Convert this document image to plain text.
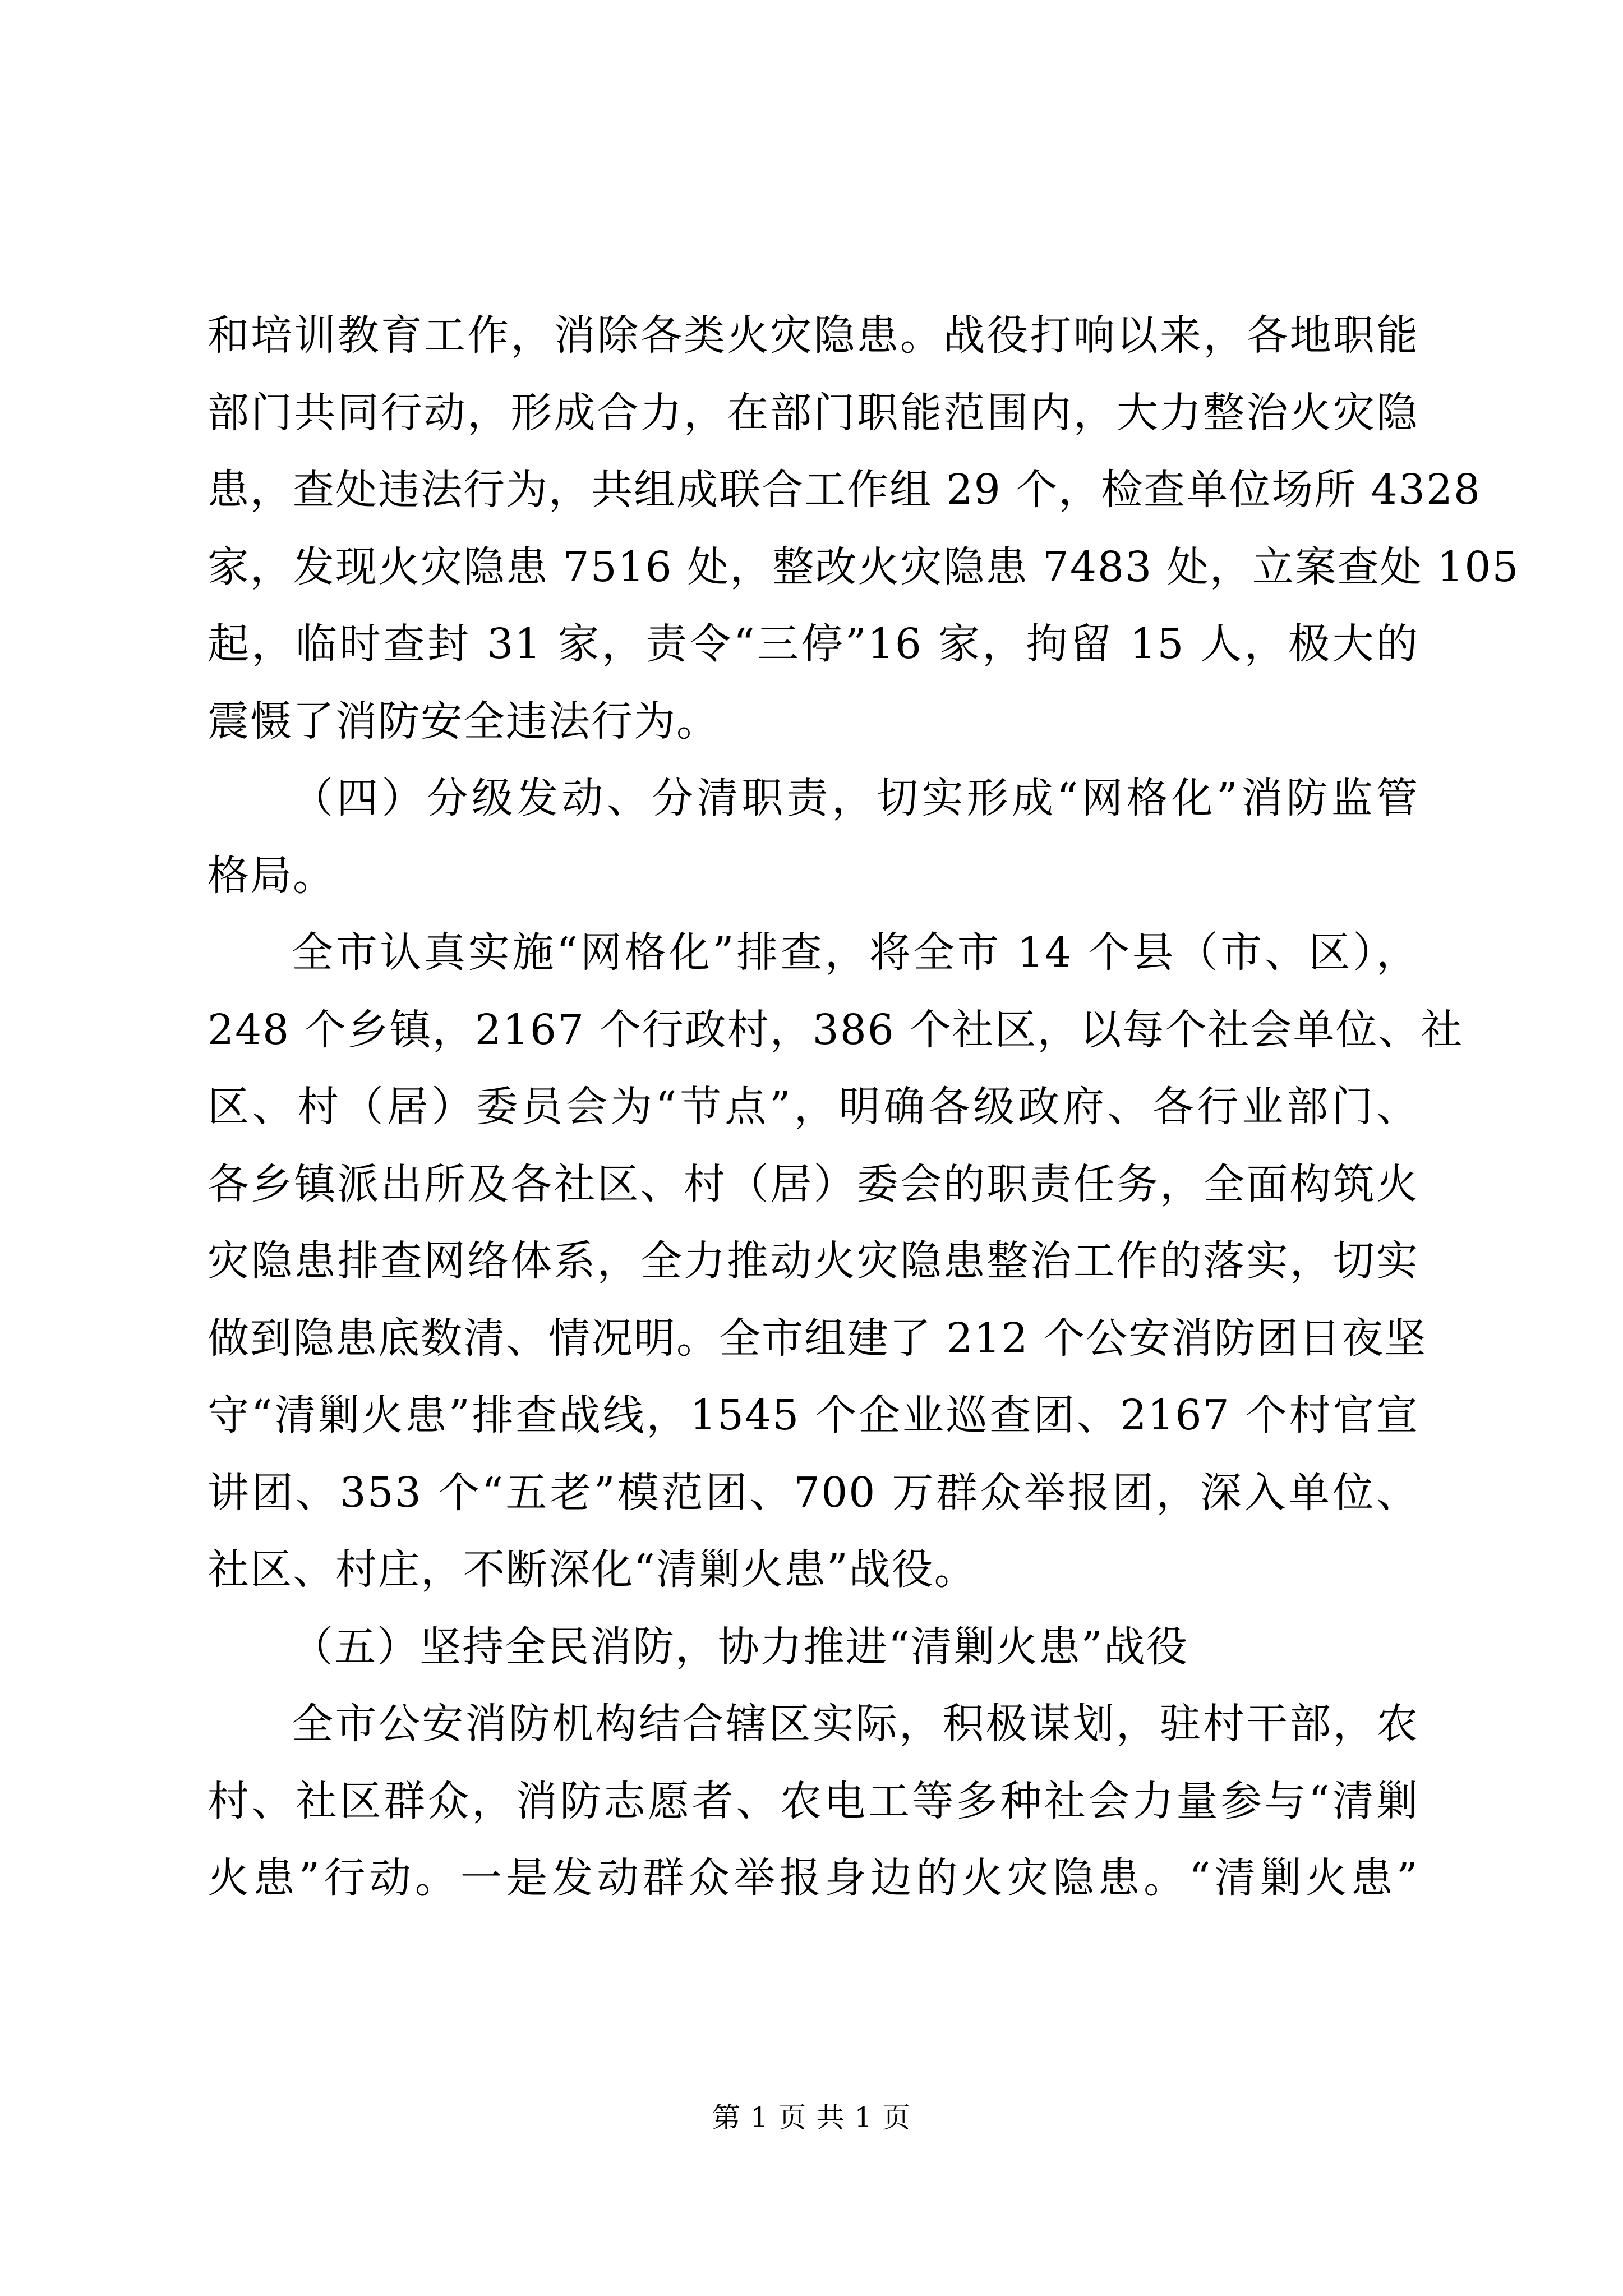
和培训教育工作，消除各类火灾隐患。战役打响以来，各地职能
部门共同行动，形成合力，在部门职能范围内，大力整治火灾隐
患，查处违法行为，共组成联合工作组 29 个，检查单位场所 4328
家，发现火灾隐患 7516 处，整改火灾隐患 7483 处，立案查处 105
起，临时查封 31 家，责令“三停”16 家，拘留 15 人，极大的
震慑了消防安全违法行为。
（四）分级发动、分清职责，切实形成“网格化”消防监管
格局。
全市认真实施“网格化”排查，将全市 14 个县（市、区），
248 个乡镇，2167 个行政村，386 个社区，以每个社会单位、社
区、村（居）委员会为“节点”，明确各级政府、各行业部门、
各乡镇派出所及各社区、村（居）委会的职责任务，全面构筑火
灾隐患排查网络体系，全力推动火灾隐患整治工作的落实，切实
做到隐患底数清、情况明。全市组建了 212 个公安消防团日夜坚
守“清剿火患”排查战线，1545 个企业巡查团、2167 个村官宣
讲团、353 个“五老”模范团、700 万群众举报团，深入单位、
社区、村庄，不断深化“清剿火患”战役。
（五）坚持全民消防，协力推进“清剿火患”战役
全市公安消防机构结合辖区实际，积极谋划，驻村干部，农
村、社区群众，消防志愿者、农电工等多种社会力量参与“清剿
火患”行动。一是发动群众举报身边的火灾隐患。“清剿火患”
第 1 页 共 1 页
